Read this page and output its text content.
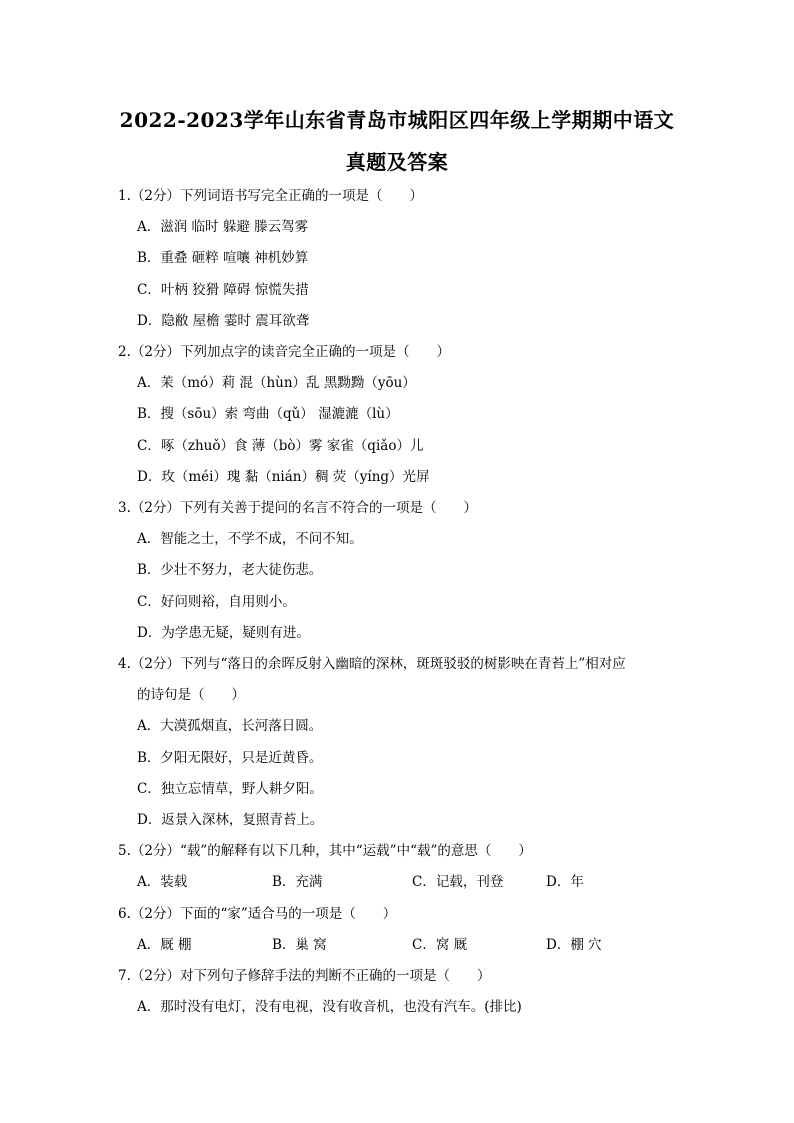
2022-2023学年山东省青岛市城阳区四年级上学期期中语文
真题及答案
1.（2分）下列词语书写完全正确的一项是（　　）
A．滋润 临时 躲避 滕云驾雾
B．重叠 砸粹 喧嚷 神机妙算
C．叶柄 狡猾 障碍 惊慌失措
D．隐敝 屋檐 霎时 震耳欲聋
2.（2分）下列加点字的读音完全正确的一项是（　　）
A．茉（mó）莉 混（hùn）乱 黑黝黝（yōu）
B．搜（sōu）索 弯曲（qǔ） 湿漉漉（lù）
C．啄（zhuǒ）食 薄（bò）雾 家雀（qiǎo）儿
D．玫（méi）瑰 黏（nián）稠 荧（yíng）光屏
3.（2分）下列有关善于提问的名言不符合的一项是（　　）
A．智能之士，不学不成，不问不知。
B．少壮不努力，老大徒伤悲。
C．好问则裕，自用则小。
D．为学患无疑，疑则有进。
4.（2分）下列与“落日的余晖反射入幽暗的深林，斑斑驳驳的树影映在青苔上”相对应
的诗句是（　　）
A．大漠孤烟直，长河落日圆。
B．夕阳无限好，只是近黄昏。
C．独立忘情草，野人耕夕阳。
D．返景入深林，复照青苔上。
5.（2分）“载”的解释有以下几种，其中“运载”中“载”的意思（　　）
A．装载	B．充满	C．记载，刊登	D．年
6.（2分）下面的“家”适合马的一项是（　　）
A．厩 棚	B．巢 窝	C．窝 厩	D．棚 穴
7.（2分）对下列句子修辞手法的判断不正确的一项是（　　）
A．那时没有电灯，没有电视，没有收音机，也没有汽车。(排比)
